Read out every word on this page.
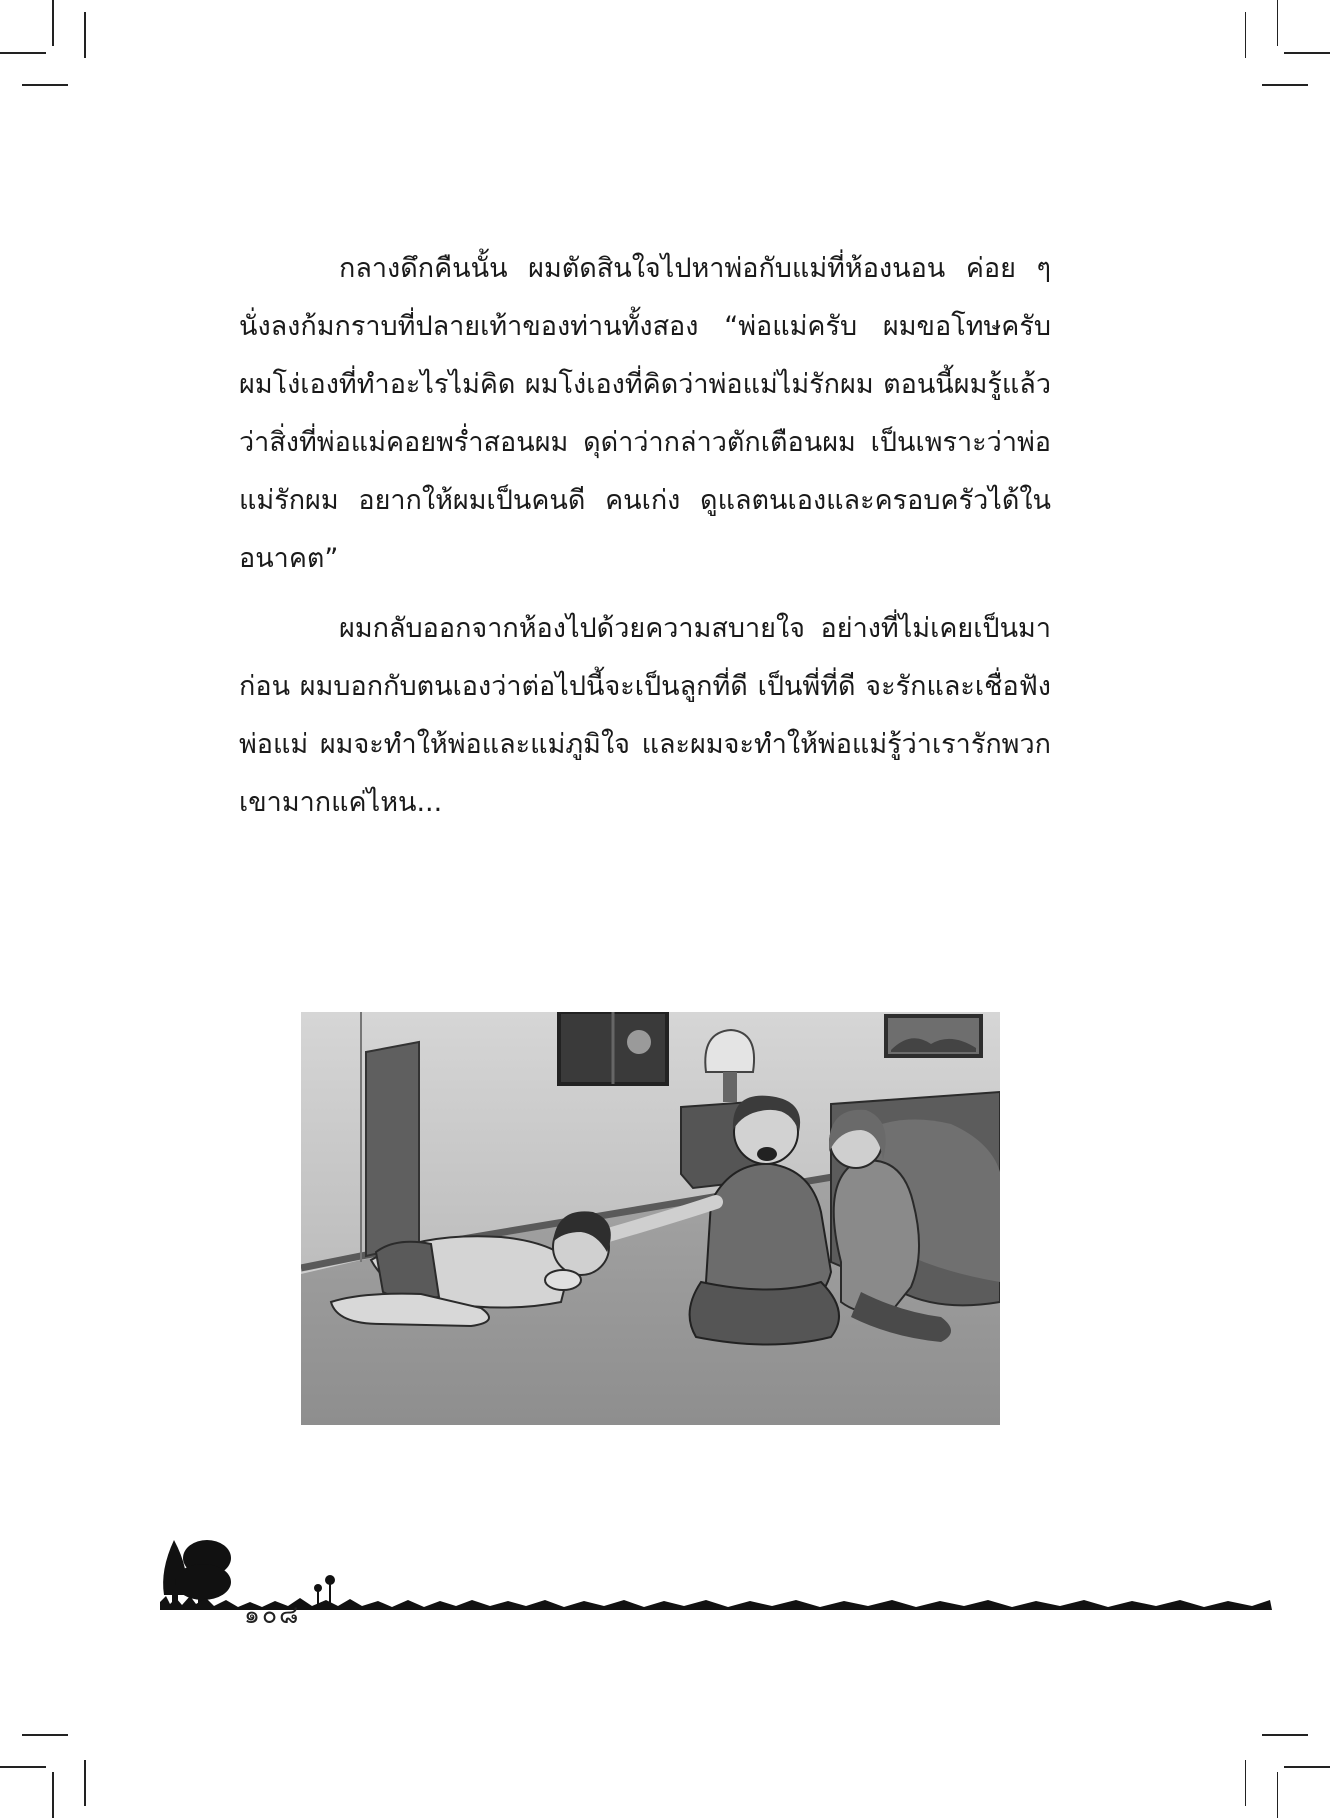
กลางดึกคืนนั้น ผมตัดสินใจไปหาพ่อกับแม่ที่ห้องนอน ค่อย ๆ
นั่งลงก้มกราบที่ปลายเท้าของท่านทั้งสอง “พ่อแม่ครับ ผมขอโทษครับ
ผมโง่เองที่ทำอะไรไม่คิด ผมโง่เองที่คิดว่าพ่อแม่ไม่รักผม ตอนนี้ผมรู้แล้ว
ว่าสิ่งที่พ่อแม่คอยพร่ำสอนผม ดุด่าว่ากล่าวตักเตือนผม เป็นเพราะว่าพ่อ
แม่รักผม อยากให้ผมเป็นคนดี คนเก่ง ดูแลตนเองและครอบครัวได้ใน
อนาคต”
ผมกลับออกจากห้องไปด้วยความสบายใจ อย่างที่ไม่เคยเป็นมา
ก่อน ผมบอกกับตนเองว่าต่อไปนี้จะเป็นลูกที่ดี เป็นพี่ที่ดี จะรักและเชื่อฟัง
พ่อแม่ ผมจะทำให้พ่อและแม่ภูมิใจ และผมจะทำให้พ่อแม่รู้ว่าเรารักพวก
เขามากแค่ไหน...
๑๐๘
